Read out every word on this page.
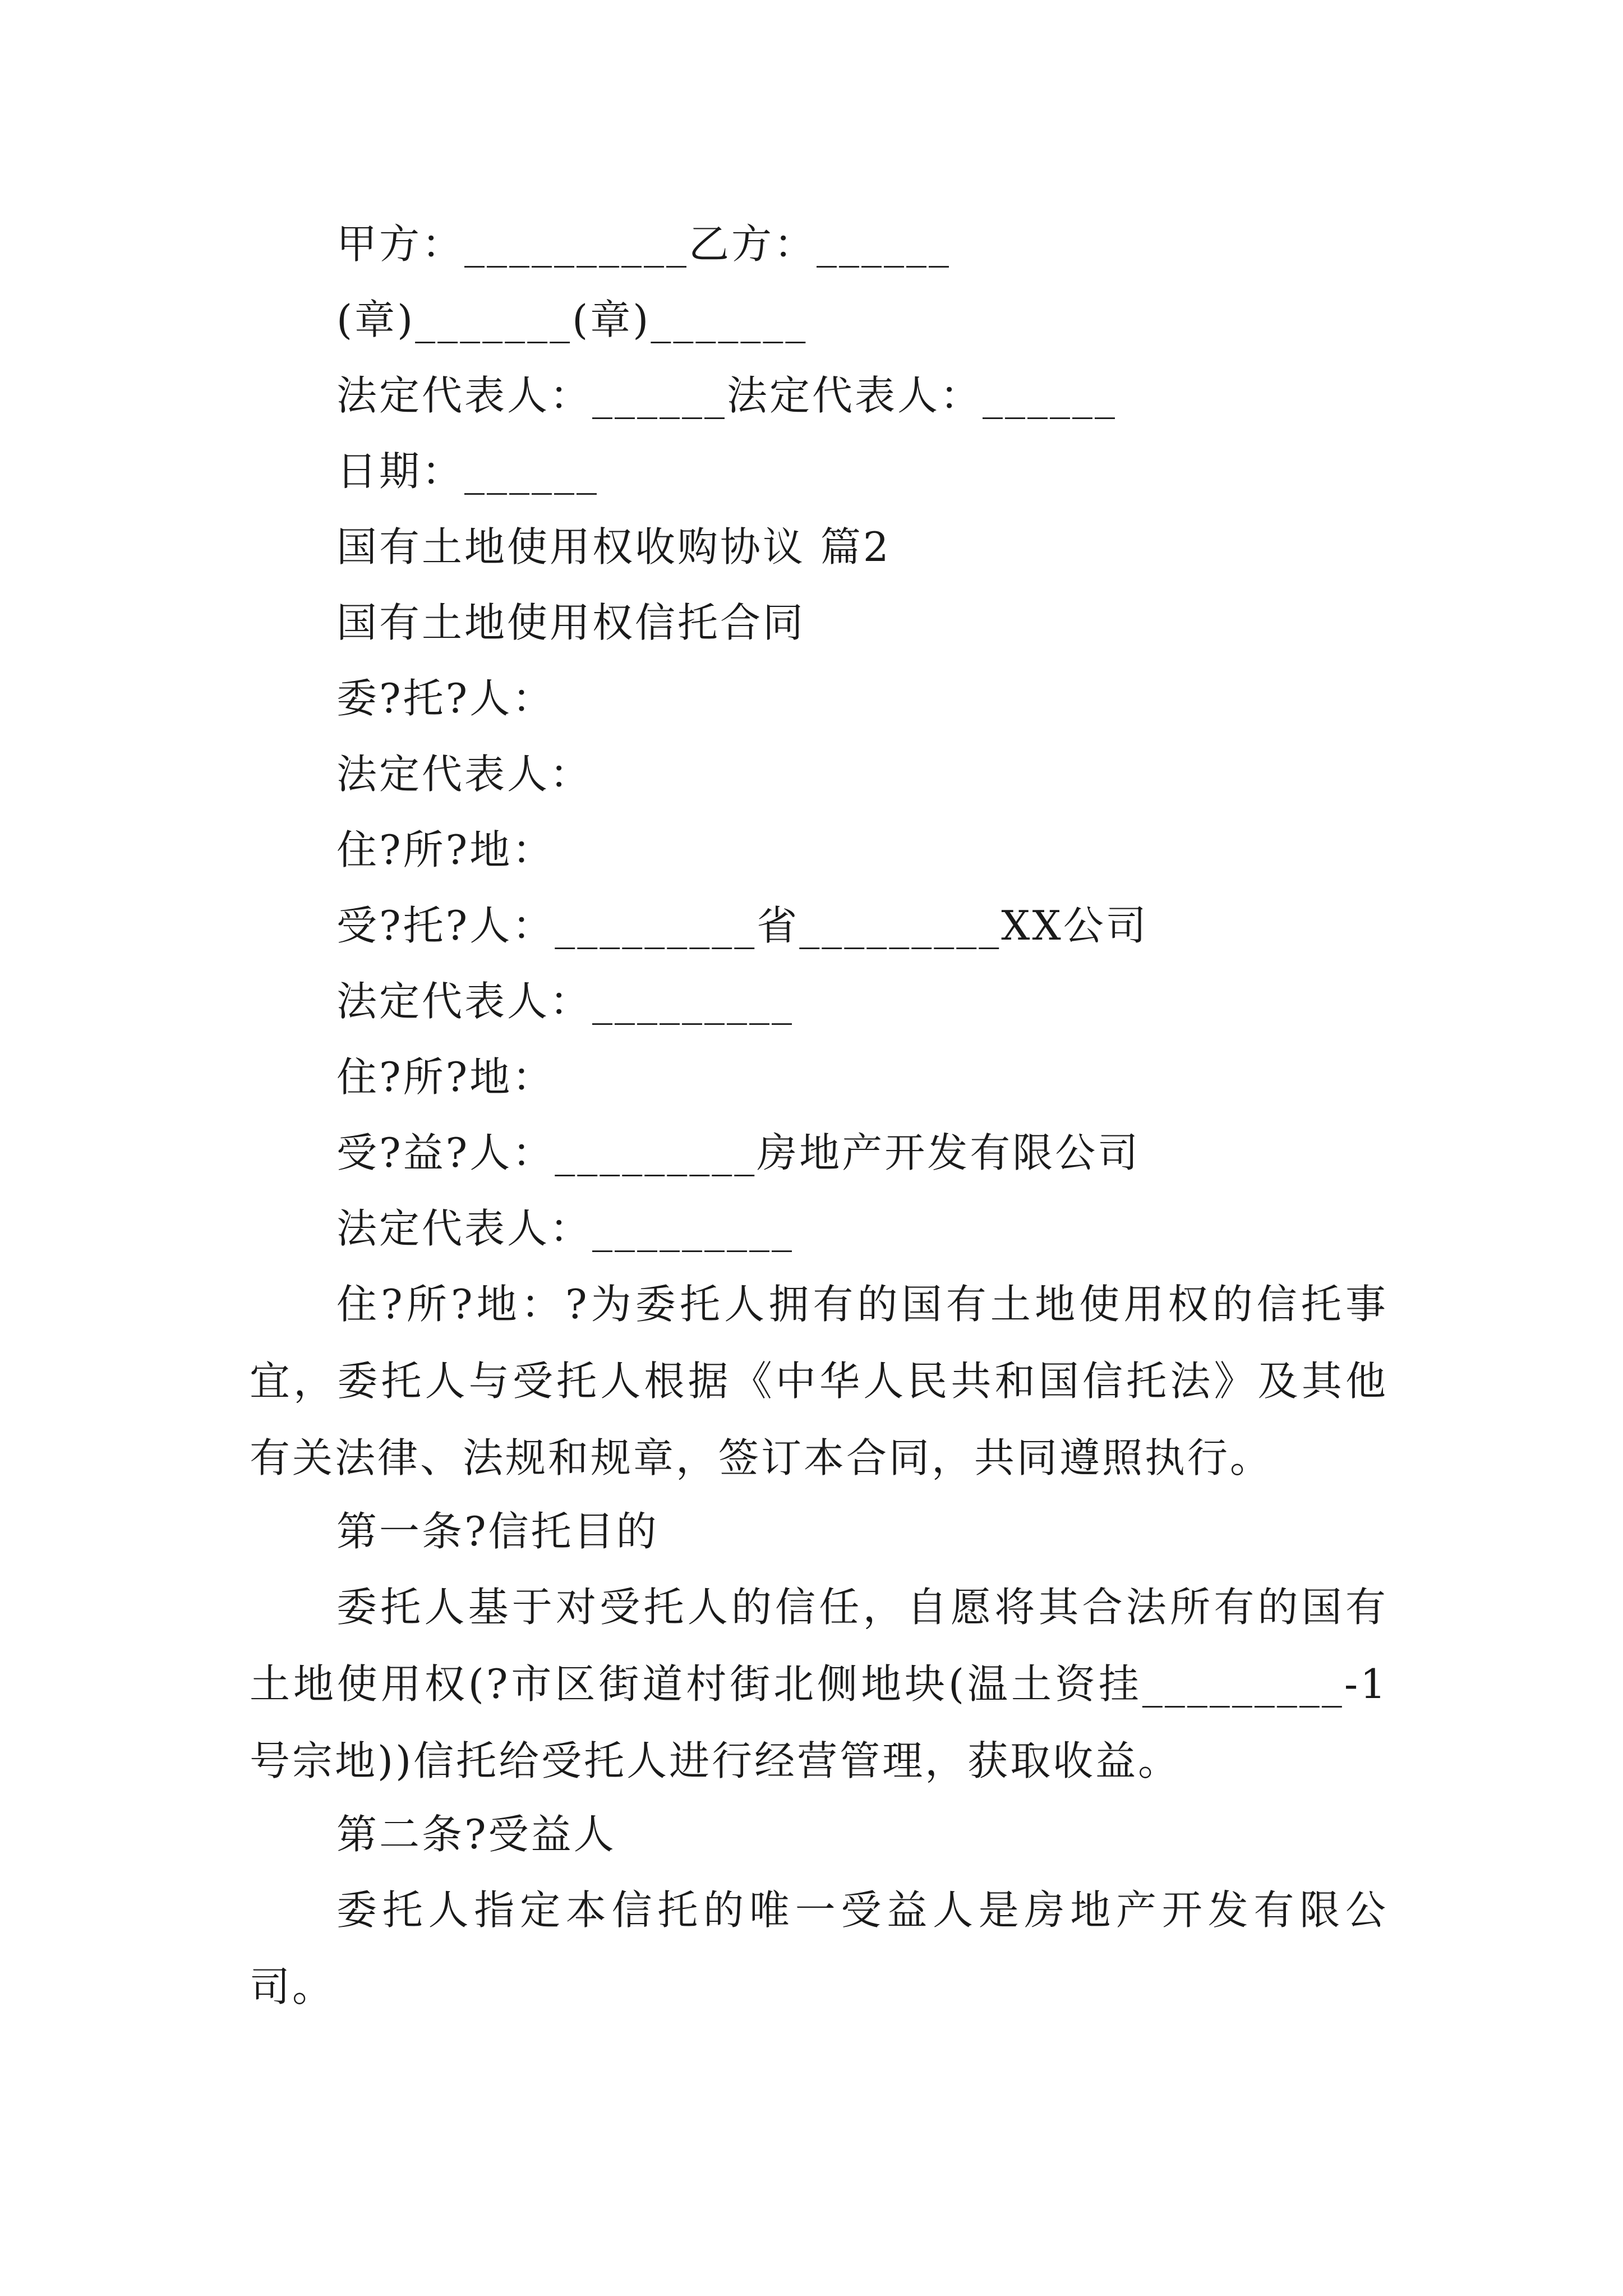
甲方：__________乙方：______
(章)_______(章)_______
法定代表人：______法定代表人：______
日期：______
国有土地使用权收购协议 篇2
国有土地使用权信托合同
委?托?人：
法定代表人：
住?所?地：
受?托?人：_________省_________XX公司
法定代表人：_________
住?所?地：
受?益?人：_________房地产开发有限公司
法定代表人：_________

住?所?地：?为委托人拥有的国有土地使用权的信托事宜，委托人与受托人根据《中华人民共和国信托法》及其他有关法律、法规和规章，签订本合同，共同遵照执行。

第一条?信托目的

委托人基于对受托人的信任，自愿将其合法所有的国有土地使用权(?市区街道村街北侧地块(温土资挂_________-1号宗地))信托给受托人进行经营管理，获取收益。

第二条?受益人

委托人指定本信托的唯一受益人是房地产开发有限公司。
